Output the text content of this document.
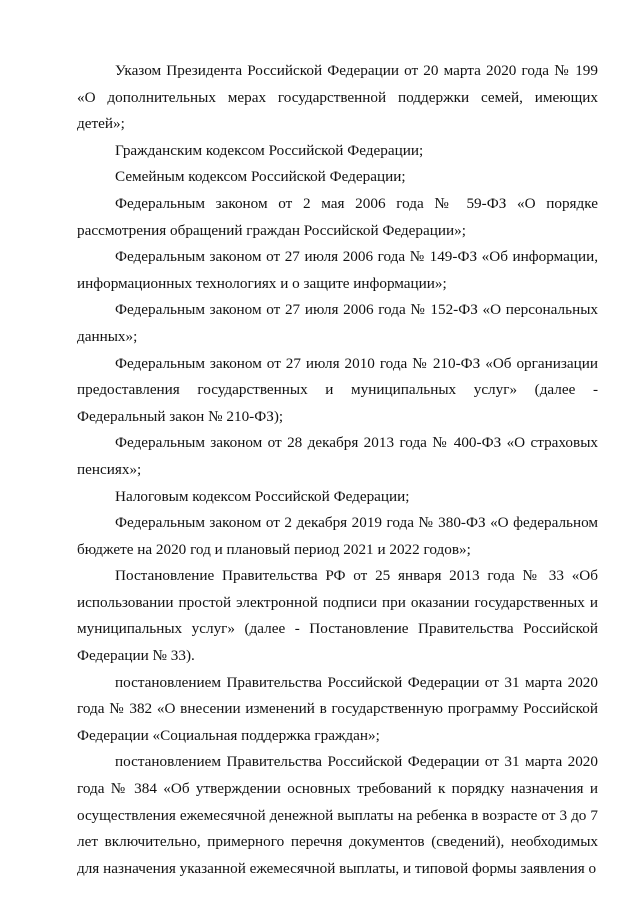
Указом Президента Российской Федерации от 20 марта 2020 года № 199 «О дополнительных мерах государственной поддержки семей, имеющих детей»;

Гражданским кодексом Российской Федерации;

Семейным кодексом Российской Федерации;

Федеральным законом от 2 мая 2006 года № 59-ФЗ «О порядке рассмотрения обращений граждан Российской Федерации»;

Федеральным законом от 27 июля 2006 года № 149-ФЗ «Об информации, информационных технологиях и о защите информации»;

Федеральным законом от 27 июля 2006 года № 152-ФЗ «О персональных данных»;

Федеральным законом от 27 июля 2010 года № 210-ФЗ «Об организации предоставления государственных и муниципальных услуг» (далее - Федеральный закон № 210-ФЗ);

Федеральным законом от 28 декабря 2013 года № 400-ФЗ «О страховых пенсиях»;

Налоговым кодексом Российской Федерации;

Федеральным законом от 2 декабря 2019 года № 380-ФЗ «О федеральном бюджете на 2020 год и плановый период 2021 и 2022 годов»;

Постановление Правительства РФ от 25 января 2013 года № 33 «Об использовании простой электронной подписи при оказании государственных и муниципальных услуг» (далее - Постановление Правительства Российской Федерации № 33).

постановлением Правительства Российской Федерации от 31 марта 2020 года № 382 «О внесении изменений в государственную программу Российской Федерации «Социальная поддержка граждан»;

постановлением Правительства Российской Федерации от 31 марта 2020 года № 384 «Об утверждении основных требований к порядку назначения и осуществления ежемесячной денежной выплаты на ребенка в возрасте от 3 до 7 лет включительно, примерного перечня документов (сведений), необходимых для назначения указанной ежемесячной выплаты, и типовой формы заявления о
